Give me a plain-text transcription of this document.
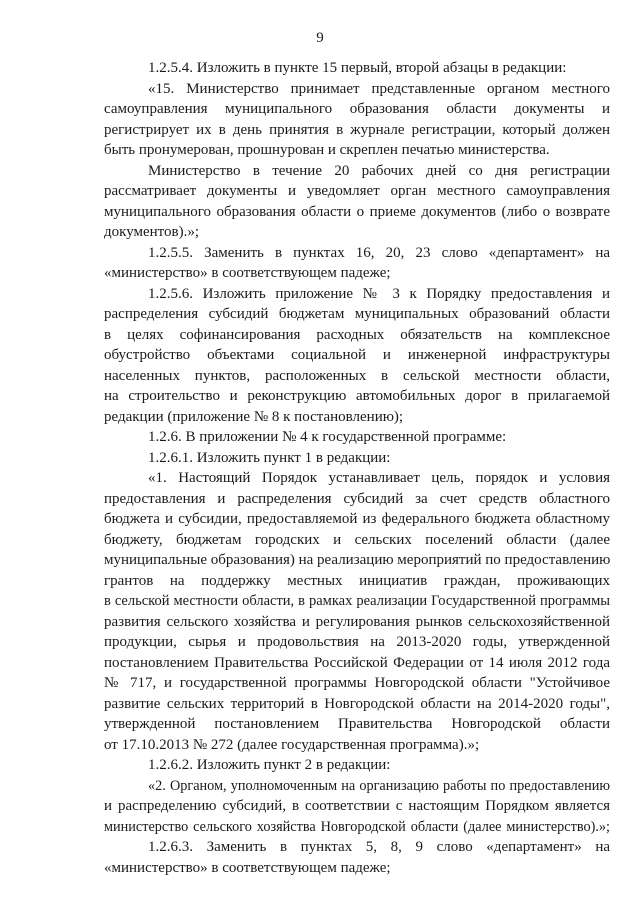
9
1.2.5.4. Изложить в пункте 15 первый, второй абзацы в редакции:
«15. Министерство принимает представленные органом местного
самоуправления муниципального образования области документы и
регистрирует их в день принятия в журнале регистрации, который должен
быть пронумерован, прошнурован и скреплен печатью министерства.
Министерство в течение 20 рабочих дней со дня регистрации
рассматривает документы и уведомляет орган местного самоуправления
муниципального образования области о приеме документов (либо о возврате
документов).»;
1.2.5.5. Заменить в пунктах 16, 20, 23 слово «департамент» на
«министерство» в соответствующем падеже;
1.2.5.6. Изложить приложение № 3 к Порядку предоставления и
распределения субсидий бюджетам муниципальных образований области
в целях софинансирования расходных обязательств на комплексное
обустройство объектами социальной и инженерной инфраструктуры
населенных пунктов, расположенных в сельской местности области,
на строительство и реконструкцию автомобильных дорог в прилагаемой
редакции (приложение № 8 к постановлению);
1.2.6. В приложении № 4 к государственной программе:
1.2.6.1. Изложить пункт 1 в редакции:
«1. Настоящий Порядок устанавливает цель, порядок и условия
предоставления и распределения субсидий за счет средств областного
бюджета и субсидии, предоставляемой из федерального бюджета областному
бюджету, бюджетам городских и сельских поселений области (далее
муниципальные образования) на реализацию мероприятий по предоставлению
грантов на поддержку местных инициатив граждан, проживающих
в сельской местности области, в рамках реализации Государственной программы
развития сельского хозяйства и регулирования рынков сельскохозяйственной
продукции, сырья и продовольствия на 2013-2020 годы, утвержденной
постановлением Правительства Российской Федерации от 14 июля 2012 года
№ 717, и государственной программы Новгородской области "Устойчивое
развитие сельских территорий в Новгородской области на 2014-2020 годы",
утвержденной постановлением Правительства Новгородской области
от 17.10.2013 № 272 (далее государственная программа).»;
1.2.6.2. Изложить пункт 2 в редакции:
«2. Органом, уполномоченным на организацию работы по предоставлению
и распределению субсидий, в соответствии с настоящим Порядком является
министерство сельского хозяйства Новгородской области (далее министерство).»;
1.2.6.3. Заменить в пунктах 5, 8, 9 слово «департамент» на
«министерство» в соответствующем падеже;
